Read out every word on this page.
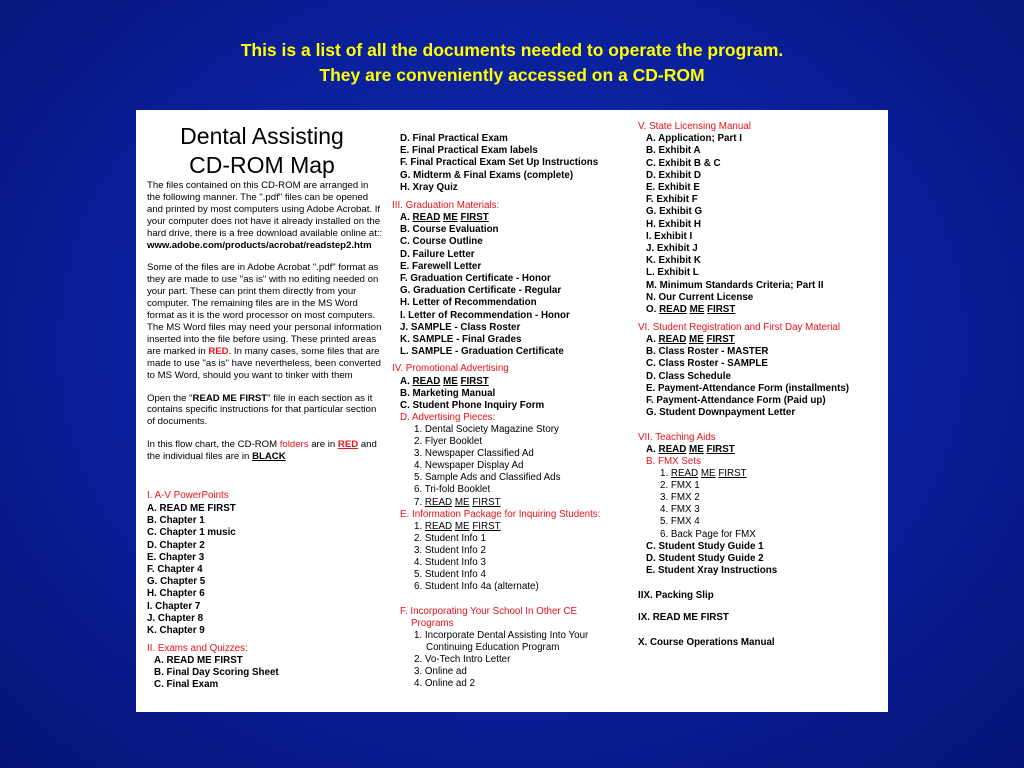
This is a list of all the documents needed to operate the program.
They are conveniently accessed on a CD-ROM
Dental Assisting
CD-ROM Map

The files contained on this CD-ROM are arranged in the following manner. The ".pdf" files can be opened and printed by most computers using Adobe Acrobat. If your computer does not have it already installed on the hard drive, there is a free download available online at::
www.adobe.com/products/acrobat/readstep2.htm

Some of the files are in Adobe Acrobat ".pdf" format as they are made to use "as is" with no editing needed on your part. These can print them directly from your computer. The remaining files are in the MS Word format as it is the word processor on most computers. The MS Word files may need your personal information inserted into the file before using. These printed areas are marked in RED. In many cases, some files that are made to use "as is" have nevertheless, been converted to MS Word, should you want to tinker with them

Open the "READ ME FIRST" file in each section as it contains specific instructions for that particular section of documents.

In this flow chart, the CD-ROM folders are in RED and the individual files are in BLACK

I. A-V PowerPoints
A. READ ME FIRST
B. Chapter 1
C. Chapter 1 music
D. Chapter 2
E. Chapter 3
F. Chapter 4
G. Chapter 5
H. Chapter 6
I. Chapter 7
J. Chapter 8
K. Chapter 9
II. Exams and Quizzes:
A. READ ME FIRST
B. Final Day Scoring Sheet
C. Final Exam
D. Final Practical Exam
E. Final Practical Exam labels
F. Final Practical Exam Set Up Instructions
G. Midterm & Final Exams (complete)
H. Xray Quiz
III. Graduation Materials:
A. READ ME FIRST
B. Course Evaluation
C. Course Outline
D. Failure Letter
E. Farewell Letter
F. Graduation Certificate - Honor
G. Graduation Certificate - Regular
H. Letter of Recommendation
I. Letter of Recommendation - Honor
J. SAMPLE - Class Roster
K. SAMPLE - Final Grades
L. SAMPLE - Graduation Certificate
IV. Promotional Advertising
A. READ ME FIRST
B. Marketing Manual
C. Student Phone Inquiry Form
D. Advertising Pieces:
1. Dental Society Magazine Story
2. Flyer Booklet
3. Newspaper Classified Ad
4. Newspaper Display Ad
5. Sample Ads and Classified Ads
6. Tri-fold Booklet
7. READ ME FIRST
E. Information Package for Inquiring Students:
1. READ ME FIRST
2. Student Info 1
3. Student Info 2
4. Student Info 3
5. Student Info 4
6. Student Info 4a (alternate)
F. Incorporating Your School In Other CE
Programs
1. Incorporate Dental Assisting Into Your
Continuing Education Program
2. Vo-Tech Intro Letter
3. Online ad
4. Online ad 2
V. State Licensing Manual
A. Application; Part I
B. Exhibit A
C. Exhibit B & C
D. Exhibit D
E. Exhibit E
F. Exhibit F
G. Exhibit G
H. Exhibit H
I. Exhibit I
J. Exhibit J
K. Exhibit K
L. Exhibit L
M. Minimum Standards Criteria; Part II
N. Our Current License
O. READ ME FIRST
VI. Student Registration and First Day Material
A. READ ME FIRST
B. Class Roster - MASTER
C. Class Roster - SAMPLE
D. Class Schedule
E. Payment-Attendance Form (installments)
F. Payment-Attendance Form (Paid up)
G. Student Downpayment Letter
VII. Teaching Aids
A. READ ME FIRST
B. FMX Sets
1. READ ME FIRST
2. FMX 1
3. FMX 2
4. FMX 3
5. FMX 4
6. Back Page for FMX
C. Student Study Guide 1
D. Student Study Guide 2
E. Student Xray Instructions
IIX. Packing Slip
IX. READ ME FIRST
X. Course Operations Manual
